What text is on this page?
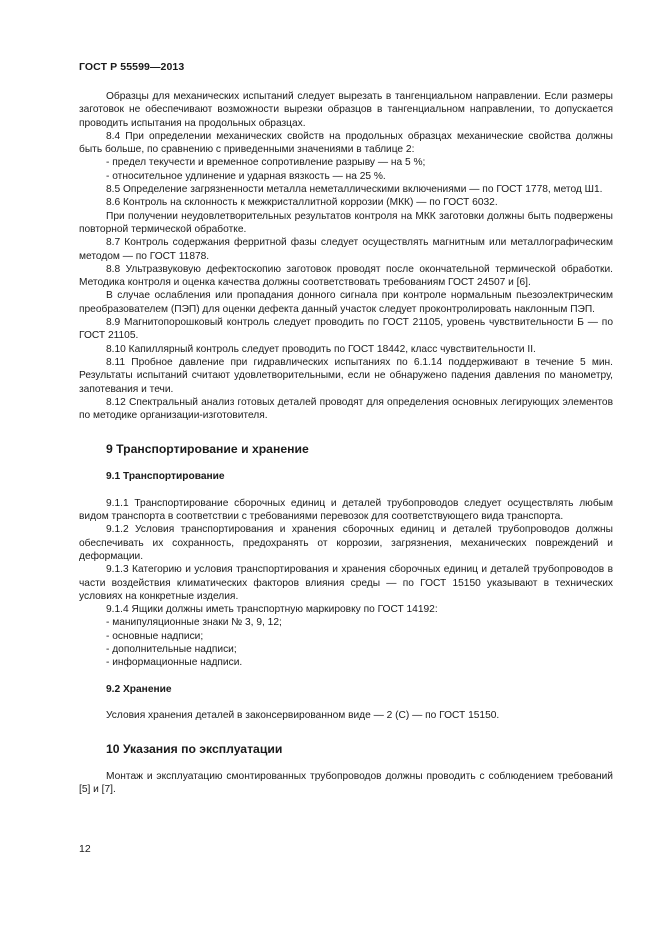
ГОСТ Р 55599—2013

Образцы для механических испытаний следует вырезать в тангенциальном направлении. Если размеры заготовок не обеспечивают возможности вырезки образцов в тангенциальном направлении, то допускается проводить испытания на продольных образцах.

8.4 При определении механических свойств на продольных образцах механические свойства должны быть больше, по сравнению с приведенными значениями в таблице 2:

- предел текучести и временное сопротивление разрыву — на 5 %;

- относительное удлинение и ударная вязкость — на 25 %.

8.5 Определение загрязненности металла неметаллическими включениями — по ГОСТ 1778, метод Ш1.

8.6 Контроль на склонность к межкристаллитной коррозии (МКК) — по ГОСТ 6032.

При получении неудовлетворительных результатов контроля на МКК заготовки должны быть подвержены повторной термической обработке.

8.7 Контроль содержания ферритной фазы следует осуществлять магнитным или металлографическим методом — по ГОСТ 11878.

8.8 Ультразвуковую дефектоскопию заготовок проводят после окончательной термической обработки. Методика контроля и оценка качества должны соответствовать требованиям ГОСТ 24507 и [6].

В случае ослабления или пропадания донного сигнала при контроле нормальным пьезоэлектрическим преобразователем (ПЭП) для оценки дефекта данный участок следует проконтролировать наклонным ПЭП.

8.9 Магнитопорошковый контроль следует проводить по ГОСТ 21105, уровень чувствительности Б — по ГОСТ 21105.

8.10 Капиллярный контроль следует проводить по ГОСТ 18442, класс чувствительности II.

8.11 Пробное давление при гидравлических испытаниях по 6.1.14 поддерживают в течение 5 мин. Результаты испытаний считают удовлетворительными, если не обнаружено падения давления по манометру, запотевания и течи.

8.12 Спектральный анализ готовых деталей проводят для определения основных легирующих элементов по методике организации-изготовителя.

9 Транспортирование и хранение

9.1 Транспортирование

9.1.1 Транспортирование сборочных единиц и деталей трубопроводов следует осуществлять любым видом транспорта в соответствии с требованиями перевозок для соответствующего вида транспорта.

9.1.2 Условия транспортирования и хранения сборочных единиц и деталей трубопроводов должны обеспечивать их сохранность, предохранять от коррозии, загрязнения, механических повреждений и деформации.

9.1.3 Категорию и условия транспортирования и хранения сборочных единиц и деталей трубопроводов в части воздействия климатических факторов влияния среды — по ГОСТ 15150 указывают в технических условиях на конкретные изделия.

9.1.4 Ящики должны иметь транспортную маркировку по ГОСТ 14192:

- манипуляционные знаки № 3, 9, 12;

- основные надписи;

- дополнительные надписи;

- информационные надписи.

9.2 Хранение

Условия хранения деталей в законсервированном виде — 2 (С) — по ГОСТ 15150.

10 Указания по эксплуатации

Монтаж и эксплуатацию смонтированных трубопроводов должны проводить с соблюдением требований [5] и [7].

12
